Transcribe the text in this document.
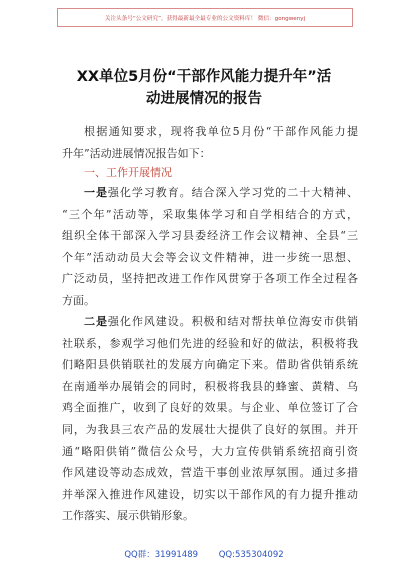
关注头条号“公文研究”，获得最新最全最专业的公文资料库！ 微信：gongwenyj
XX单位5月份“干部作风能力提升年”活
动进展情况的报告
根据通知要求，现将我单位5月份“干部作风能力提
升年”活动进展情况报告如下：
一、工作开展情况
一是强化学习教育。结合深入学习党的二十大精神、
“三个年”活动等，采取集体学习和自学相结合的方式，
组织全体干部深入学习县委经济工作会议精神、全县“三
个年”活动动员大会等会议文件精神，进一步统一思想、
广泛动员，坚持把改进工作作风贯穿于各项工作全过程各
方面。
二是强化作风建设。积极和结对帮扶单位海安市供销
社联系，参观学习他们先进的经验和好的做法，积极将我
们略阳县供销联社的发展方向确定下来。借助省供销系统
在南通举办展销会的同时，积极将我县的蜂蜜、黄精、乌
鸡全面推广，收到了良好的效果。与企业、单位签订了合
同，为我县三农产品的发展壮大提供了良好的氛围。并开
通“略阳供销”微信公众号，大力宣传供销系统招商引资
作风建设等动态成效，营造干事创业浓厚氛围。通过多措
并举深入推进作风建设，切实以干部作风的有力提升推动
工作落实、展示供销形象。
QQ群：31991489 QQ:535304092
